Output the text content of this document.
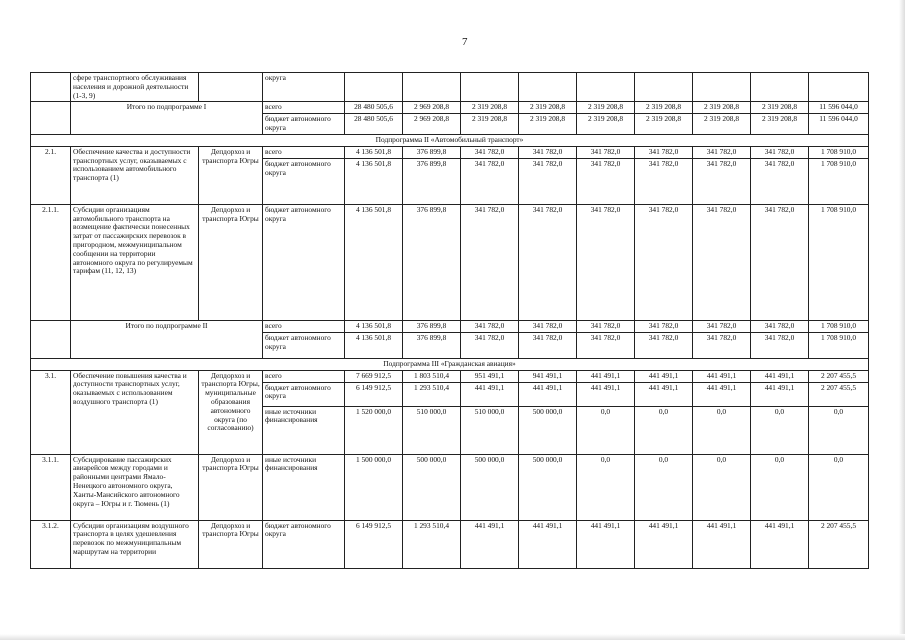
7
	сфере транспортного обслуживания населения и дорожной деятельности (1-3, 9)		округа									
	Итого по подпрограмме I		всего	28 480 505,6	2 969 208,8	2 319 208,8	2 319 208,8	2 319 208,8	2 319 208,8	2 319 208,8	2 319 208,8	11 596 044,0
			бюджет автономного округа	28 480 505,6	2 969 208,8	2 319 208,8	2 319 208,8	2 319 208,8	2 319 208,8	2 319 208,8	2 319 208,8	11 596 044,0
Подпрограмма II «Автомобильный транспорт»												
2.1.	Обеспечение качества и доступности транспортных услуг, оказываемых с использованием автомобильного транспорта (1)	Депдорхоз и транспорта Югры	всего	4 136 501,8	376 899,8	341 782,0	341 782,0	341 782,0	341 782,0	341 782,0	341 782,0	1 708 910,0
			бюджет автономного округа	4 136 501,8	376 899,8	341 782,0	341 782,0	341 782,0	341 782,0	341 782,0	341 782,0	1 708 910,0
2.1.1.	Субсидии организациям автомобильного транспорта на возмещение фактически понесенных затрат от пассажирских перевозок в пригородном, межмуниципальном сообщении на территории автономного округа по регулируемым тарифам (11, 12, 13)	Депдорхоз и транспорта Югры	бюджет автономного округа	4 136 501,8	376 899,8	341 782,0	341 782,0	341 782,0	341 782,0	341 782,0	341 782,0	1 708 910,0
	Итого по подпрограмме II		всего	4 136 501,8	376 899,8	341 782,0	341 782,0	341 782,0	341 782,0	341 782,0	341 782,0	1 708 910,0
			бюджет автономного округа	4 136 501,8	376 899,8	341 782,0	341 782,0	341 782,0	341 782,0	341 782,0	341 782,0	1 708 910,0
Подпрограмма III «Гражданская авиация»												
3.1.	Обеспечение повышения качества и доступности транспортных услуг, оказываемых с использованием воздушного транспорта (1)	Депдорхоз и транспорта Югры, муниципальные образования автономного округа (по согласованию)	всего	7 669 912,5	1 803 510,4	951 491,1	941 491,1	441 491,1	441 491,1	441 491,1	441 491,1	2 207 455,5
			бюджет автономного округа	6 149 912,5	1 293 510,4	441 491,1	441 491,1	441 491,1	441 491,1	441 491,1	441 491,1	2 207 455,5
			иные источники финансирования	1 520 000,0	510 000,0	510 000,0	500 000,0	0,0	0,0	0,0	0,0	0,0
3.1.1.	Субсидирование пассажирских авиарейсов между городами и районными центрами Ямало-Ненецкого автономного округа, Ханты-Мансийского автономного округа – Югры и г. Тюмень (1)	Депдорхоз и транспорта Югры	иные источники финансирования	1 500 000,0	500 000,0	500 000,0	500 000,0	0,0	0,0	0,0	0,0	0,0
3.1.2.	Субсидии организациям воздушного транспорта в целях удешевления перевозок по межмуниципальным маршрутам на территории	Депдорхоз и транспорта Югры	бюджет автономного округа	6 149 912,5	1 293 510,4	441 491,1	441 491,1	441 491,1	441 491,1	441 491,1	441 491,1	2 207 455,5
